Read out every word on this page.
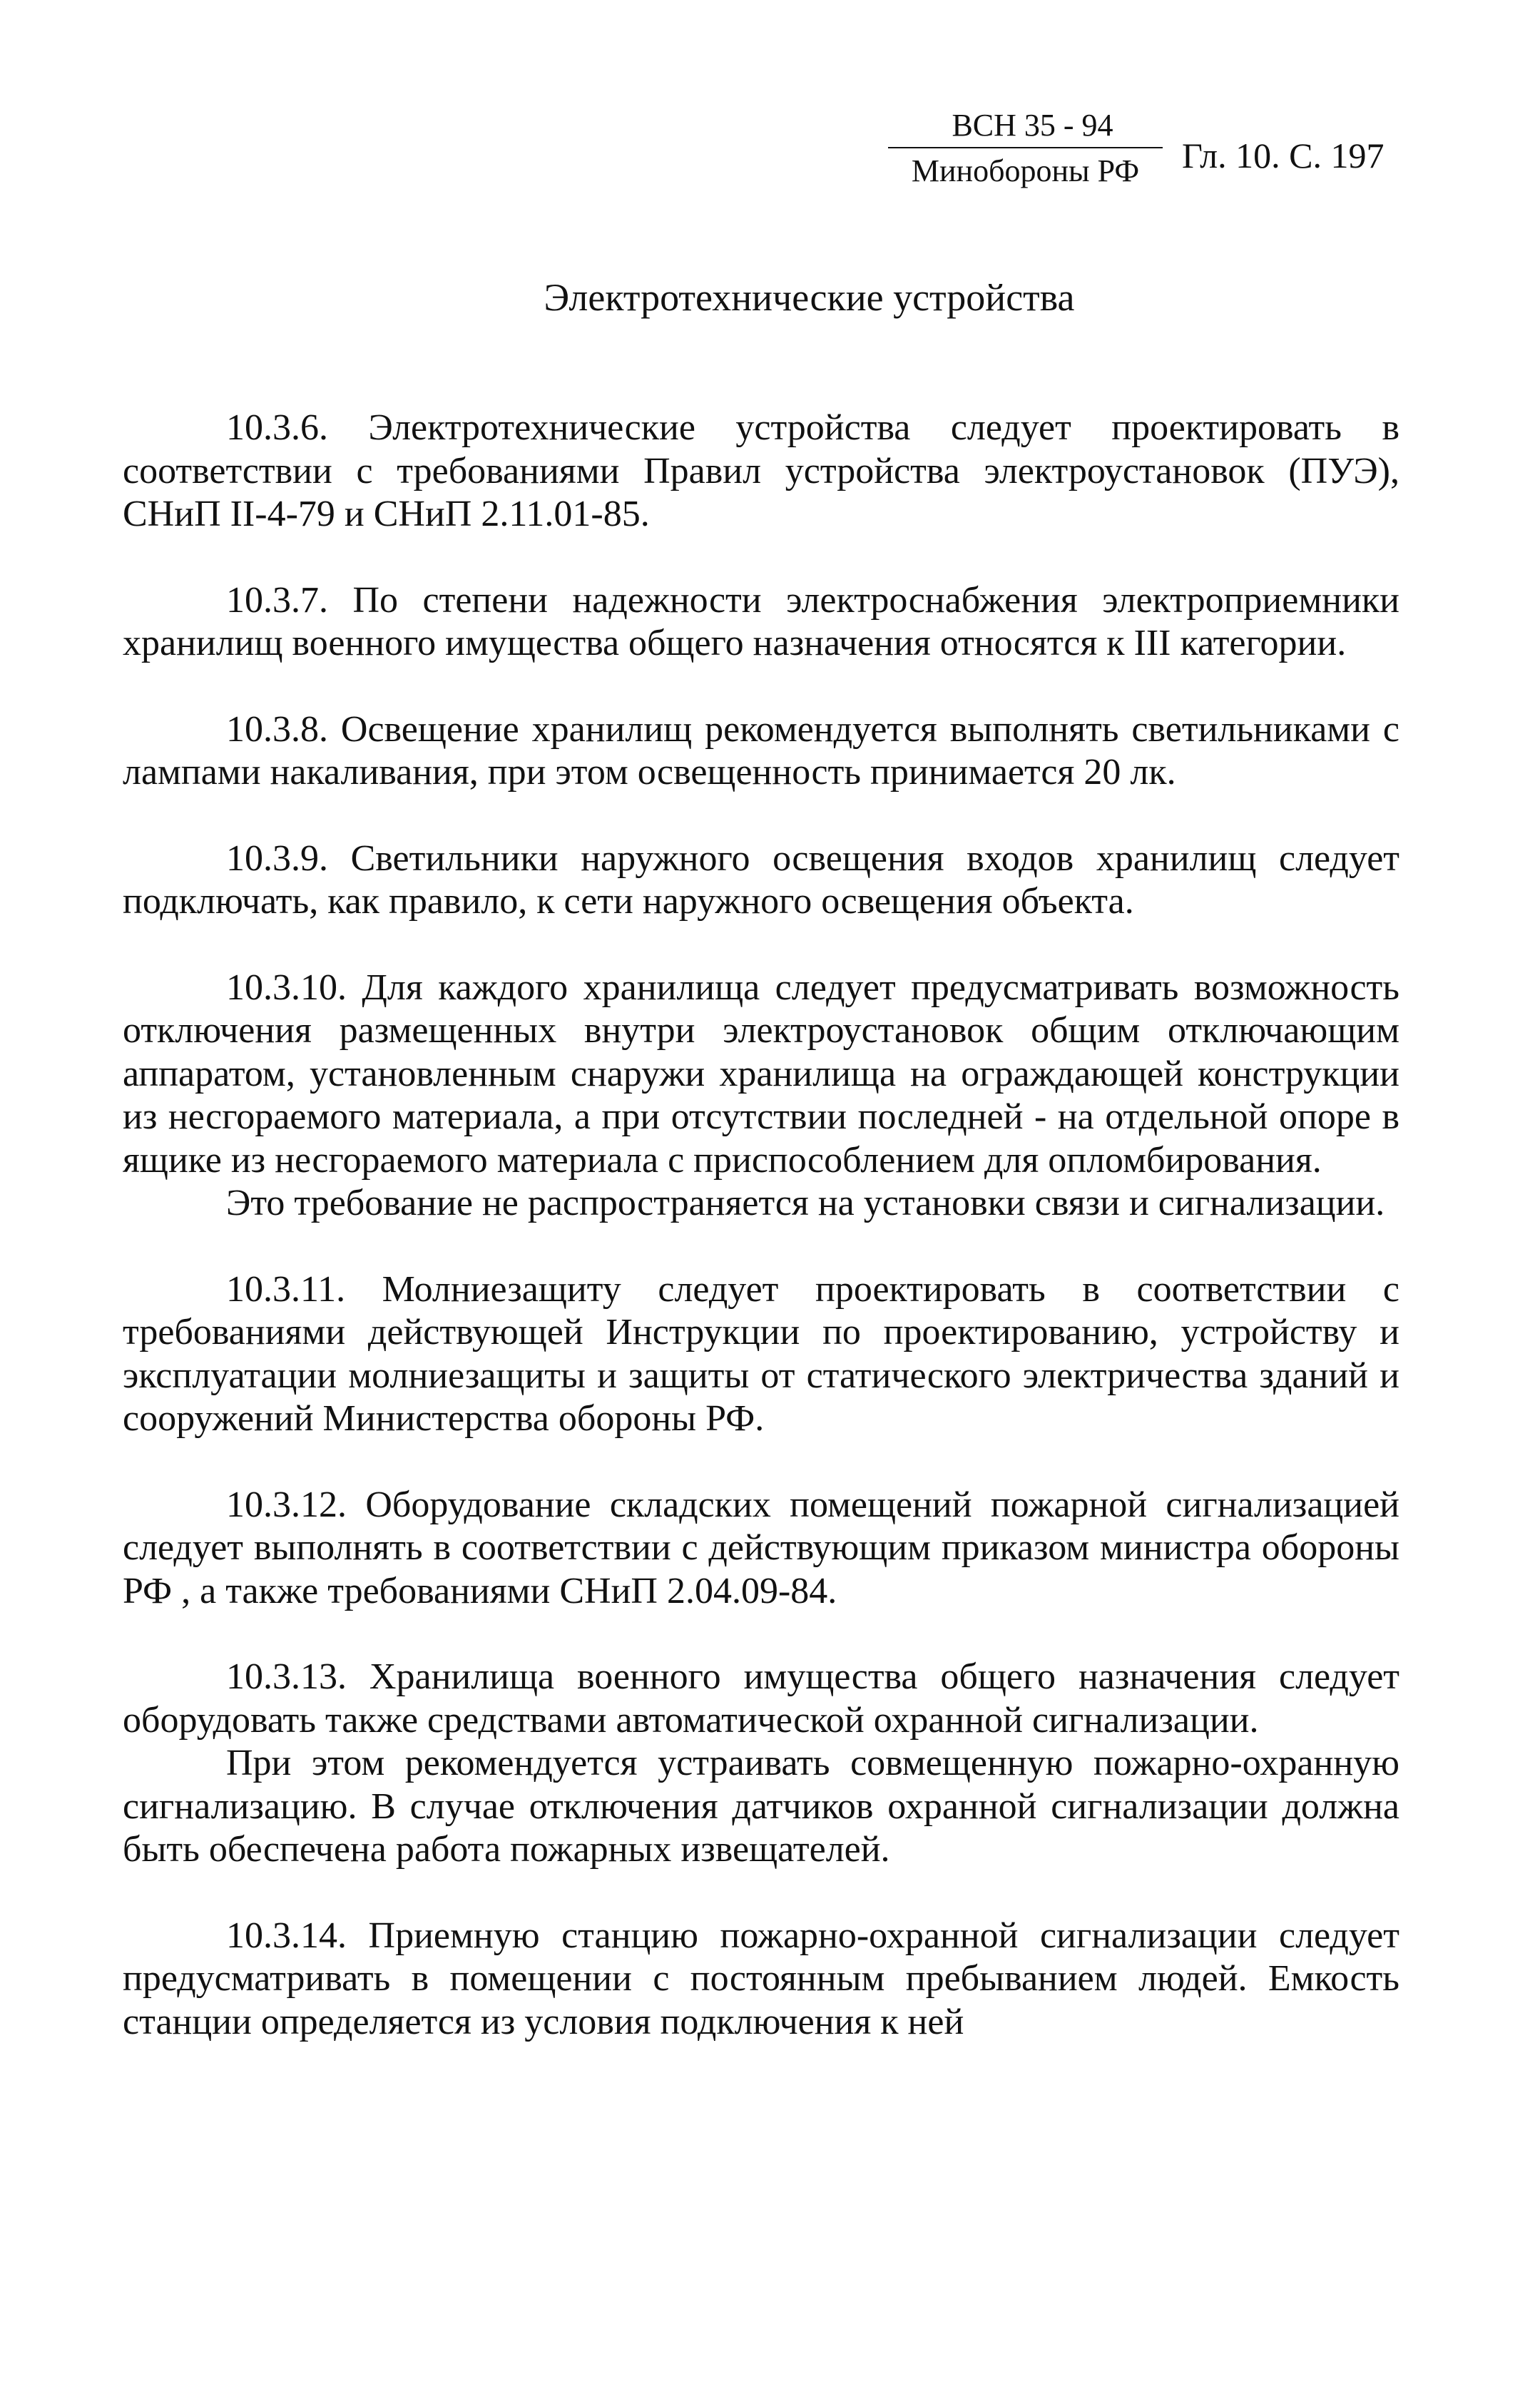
ВСН 35 - 94
Минобороны РФ	Гл. 10. С. 197
Электротехнические устройства

10.3.6. Электротехнические устройства следует проектировать в соответствии с требованиями Правил устройства электроустановок (ПУЭ), СНиП II-4-79 и СНиП 2.11.01-85.

10.3.7. По степени надежности электроснабжения электроприемники хранилищ военного имущества общего назначения относятся к III категории.

10.3.8. Освещение хранилищ рекомендуется выполнять светильниками с лампами накаливания, при этом освещенность принимается 20 лк.

10.3.9. Светильники наружного освещения входов хранилищ следует подключать, как правило, к сети наружного освещения объекта.

10.3.10. Для каждого хранилища следует предусматривать возможность отключения размещенных внутри электроустановок общим отключающим аппаратом, установленным снаружи хранилища на ограждающей конструкции из несгораемого материала, а при отсутствии последней - на отдельной опоре в ящике из несгораемого материала с приспособлением для опломбирования.

Это требование не распространяется на установки связи и сигнализации.

10.3.11. Молниезащиту следует проектировать в соответствии с требованиями действующей Инструкции по проектированию, устройству и эксплуатации молниезащиты и защиты от статического электричества зданий и сооружений Министерства обороны РФ.

10.3.12. Оборудование складских помещений пожарной сигнализацией следует выполнять в соответствии с действующим приказом министра обороны РФ , а также требованиями СНиП 2.04.09-84.

10.3.13. Хранилища военного имущества общего назначения следует оборудовать также средствами автоматической охранной сигнализации.

При этом рекомендуется устраивать совмещенную пожарно-охранную сигнализацию. В случае отключения датчиков охранной сигнализации должна быть обеспечена работа пожарных извещателей.

10.3.14. Приемную станцию пожарно-охранной сигнализации следует предусматривать в помещении с постоянным пребыванием людей. Емкость станции определяется из условия подключения к ней
